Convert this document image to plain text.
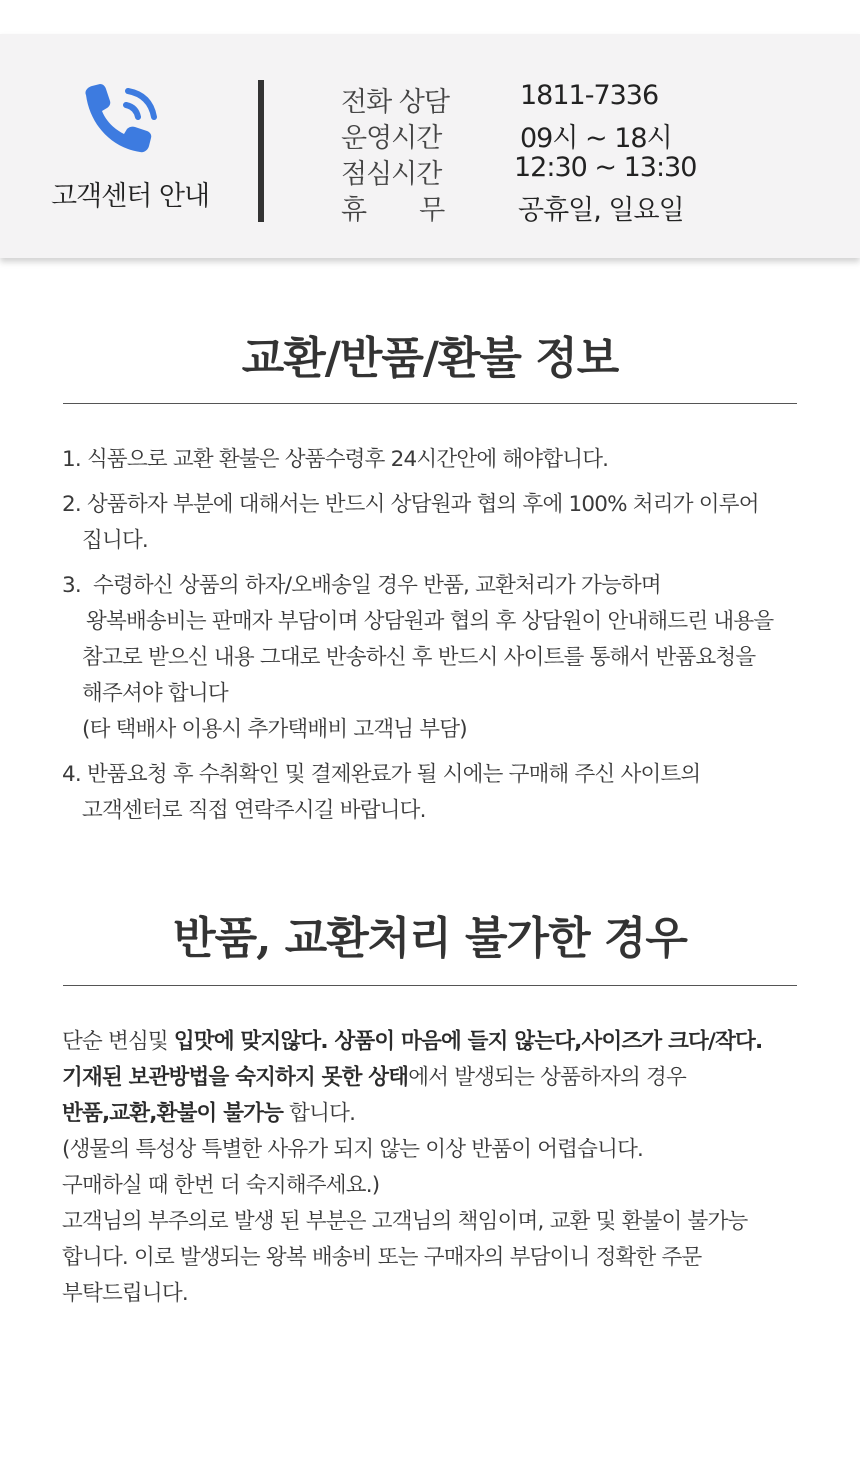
고객센터 안내
전화 상담	1811-7336
운영시간	09시 ~ 18시
점심시간	12:30 ~ 13:30
휴       무	공휴일, 일요일
교환/반품/환불 정보
1. 식품으로 교환 환불은 상품수령후 24시간안에 해야합니다.
2. 상품하자 부분에 대해서는 반드시 상담원과 협의 후에 100% 처리가 이루어
집니다.
3.  수령하신 상품의 하자/오배송일 경우 반품, 교환처리가 가능하며
왕복배송비는 판매자 부담이며 상담원과 협의 후 상담원이 안내해드린 내용을
참고로 받으신 내용 그대로 반송하신 후 반드시 사이트를 통해서 반품요청을
해주셔야 합니다
(타 택배사 이용시 추가택배비 고객님 부담)
4. 반품요청 후 수취확인 및 결제완료가 될 시에는 구매해 주신 사이트의
고객센터로 직접 연락주시길 바랍니다.
반품, 교환처리 불가한 경우
단순 변심및 입맛에 맞지않다. 상품이 마음에 들지 않는다,사이즈가 크다/작다.
기재된 보관방법을 숙지하지 못한 상태에서 발생되는 상품하자의 경우
반품,교환,환불이 불가능 합니다.
(생물의 특성상 특별한 사유가 되지 않는 이상 반품이 어렵습니다.
구매하실 때 한번 더 숙지해주세요.)
고객님의 부주의로 발생 된 부분은 고객님의 책임이며, 교환 및 환불이 불가능
합니다. 이로 발생되는 왕복 배송비 또는 구매자의 부담이니 정확한 주문
부탁드립니다.
